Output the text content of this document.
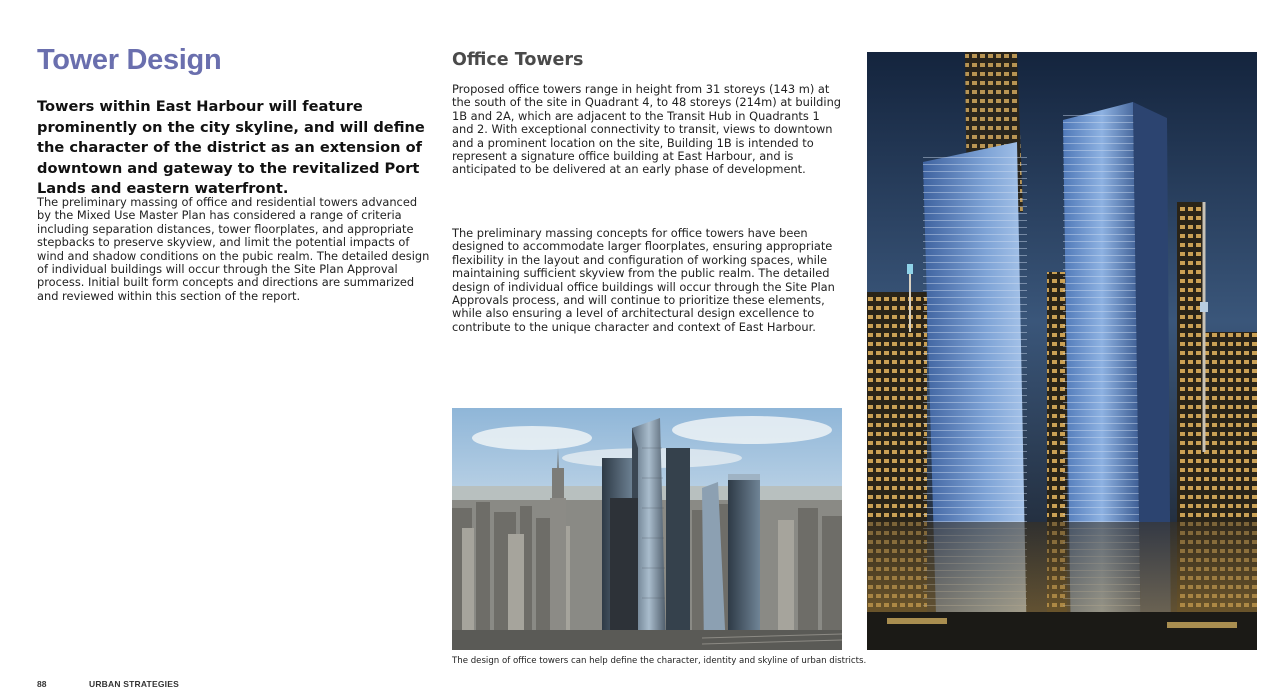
Tower Design

Towers within East Harbour will feature prominently on the city skyline, and will define the character of the district as an extension of downtown and gateway to the revitalized Port Lands and eastern waterfront.

The preliminary massing of office and residential towers advanced by the Mixed Use Master Plan has considered a range of criteria including separation distances, tower floorplates, and appropriate stepbacks to preserve skyview, and limit the potential impacts of wind and shadow conditions on the pubic realm. The detailed design of individual buildings will occur through the Site Plan Approval process. Initial built form concepts and directions are summarized and reviewed within this section of the report.

Office Towers

Proposed office towers range in height from 31 storeys (143 m) at the south of the site in Quadrant 4, to 48 storeys (214m) at building 1B and 2A, which are adjacent to the Transit Hub in Quadrants 1 and 2. With exceptional connectivity to transit, views to downtown and a prominent location on the site, Building 1B is intended to represent a signature office building at East Harbour, and is anticipated to be delivered at an early phase of development.

The preliminary massing concepts for office towers have been designed to accommodate larger floorplates, ensuring appropriate flexibility in the layout and configuration of working spaces, while maintaining sufficient skyview from the public realm. The detailed design of individual office buildings will occur through the Site Plan Approvals process, and will continue to prioritize these elements, while also ensuring a level of architectural design excellence to contribute to the unique character and context of East Harbour.

The design of office towers can help define the character, identity and skyline of urban districts.

88	URBAN STRATEGIES
